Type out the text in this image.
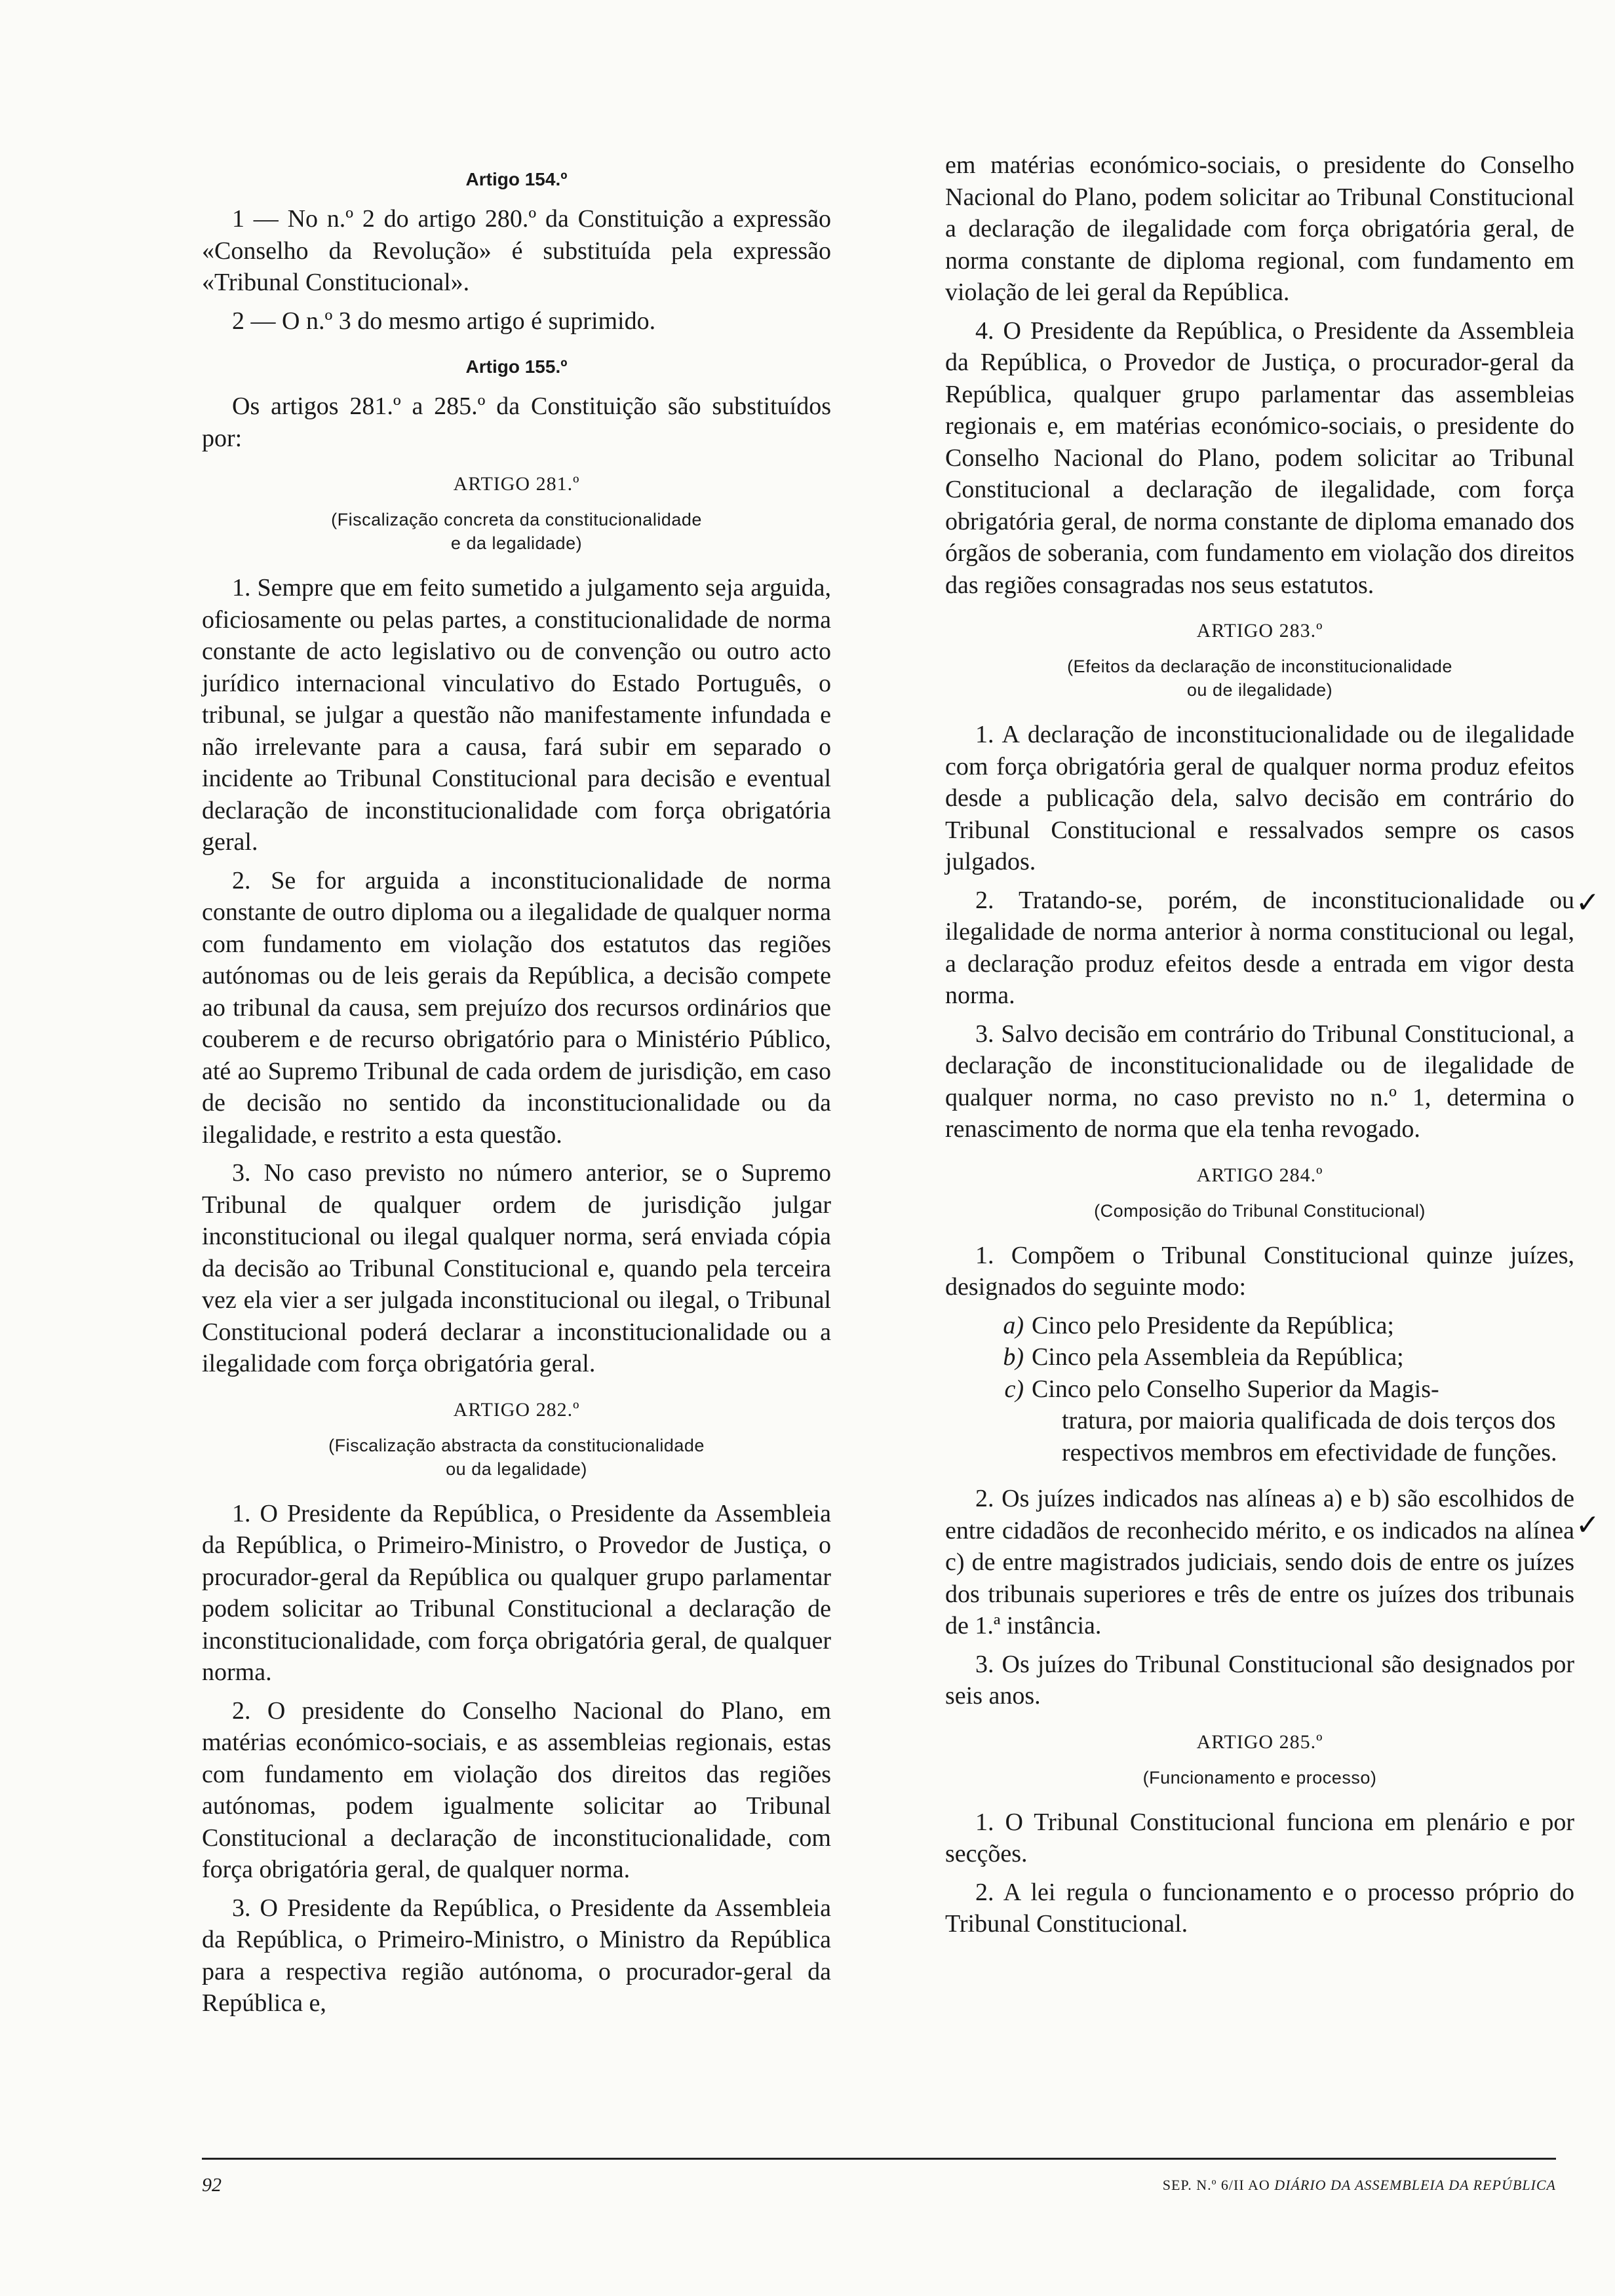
Artigo 154.º

1 — No n.º 2 do artigo 280.º da Constituição a expressão «Conselho da Revolução» é substituída pela expressão «Tribunal Constitucional».

2 — O n.º 3 do mesmo artigo é suprimido.

Artigo 155.º

Os artigos 281.º a 285.º da Constituição são substituídos por:

ARTIGO 281.º
(Fiscalização concreta da constitucionalidade
e da legalidade)

1. Sempre que em feito sumetido a julgamento seja arguida, oficiosamente ou pelas partes, a constitucionalidade de norma constante de acto legislativo ou de convenção ou outro acto jurídico internacional vinculativo do Estado Português, o tribunal, se julgar a questão não manifestamente infundada e não irrelevante para a causa, fará subir em separado o incidente ao Tribunal Constitucional para decisão e eventual declaração de inconstitucionalidade com força obrigatória geral.

2. Se for arguida a inconstitucionalidade de norma constante de outro diploma ou a ilegalidade de qualquer norma com fundamento em violação dos estatutos das regiões autónomas ou de leis gerais da República, a decisão compete ao tribunal da causa, sem prejuízo dos recursos ordinários que couberem e de recurso obrigatório para o Ministério Público, até ao Supremo Tribunal de cada ordem de jurisdição, em caso de decisão no sentido da inconstitucionalidade ou da ilegalidade, e restrito a esta questão.

3. No caso previsto no número anterior, se o Supremo Tribunal de qualquer ordem de jurisdição julgar inconstitucional ou ilegal qualquer norma, será enviada cópia da decisão ao Tribunal Constitucional e, quando pela terceira vez ela vier a ser julgada inconstitucional ou ilegal, o Tribunal Constitucional poderá declarar a inconstitucionalidade ou a ilegalidade com força obrigatória geral.

ARTIGO 282.º
(Fiscalização abstracta da constitucionalidade
ou da legalidade)

1. O Presidente da República, o Presidente da Assembleia da República, o Primeiro-Ministro, o Provedor de Justiça, o procurador-geral da República ou qualquer grupo parlamentar podem solicitar ao Tribunal Constitucional a declaração de inconstitucionalidade, com força obrigatória geral, de qualquer norma.

2. O presidente do Conselho Nacional do Plano, em matérias económico-sociais, e as assembleias regionais, estas com fundamento em violação dos direitos das regiões autónomas, podem igualmente solicitar ao Tribunal Constitucional a declaração de inconstitucionalidade, com força obrigatória geral, de qualquer norma.

3. O Presidente da República, o Presidente da Assembleia da República, o Primeiro-Ministro, o Ministro da República para a respectiva região autónoma, o procurador-geral da República e,

em matérias económico-sociais, o presidente do Conselho Nacional do Plano, podem solicitar ao Tribunal Constitucional a declaração de ilegalidade com força obrigatória geral, de norma constante de diploma regional, com fundamento em violação de lei geral da República.

4. O Presidente da República, o Presidente da Assembleia da República, o Provedor de Justiça, o procurador-geral da República, qualquer grupo parlamentar das assembleias regionais e, em matérias económico-sociais, o presidente do Conselho Nacional do Plano, podem solicitar ao Tribunal Constitucional a declaração de ilegalidade, com força obrigatória geral, de norma constante de diploma emanado dos órgãos de soberania, com fundamento em violação dos direitos das regiões consagradas nos seus estatutos.

ARTIGO 283.º
(Efeitos da declaração de inconstitucionalidade
ou de ilegalidade)

1. A declaração de inconstitucionalidade ou de ilegalidade com força obrigatória geral de qualquer norma produz efeitos desde a publicação dela, salvo decisão em contrário do Tribunal Constitucional e ressalvados sempre os casos julgados.

2. Tratando-se, porém, de inconstitucionalidade ou ilegalidade de norma anterior à norma constitucional ou legal, a declaração produz efeitos desde a entrada em vigor desta norma.

3. Salvo decisão em contrário do Tribunal Constitucional, a declaração de inconstitucionalidade ou de ilegalidade de qualquer norma, no caso previsto no n.º 1, determina o renascimento de norma que ela tenha revogado.

ARTIGO 284.º
(Composição do Tribunal Constitucional)

1. Compõem o Tribunal Constitucional quinze juízes, designados do seguinte modo:

a) Cinco pelo Presidente da República;
b) Cinco pela Assembleia da República;
c) Cinco pelo Conselho Superior da Magis-
tratura, por maioria qualificada de dois terços dos respectivos membros em efectividade de funções.

2. Os juízes indicados nas alíneas a) e b) são escolhidos de entre cidadãos de reconhecido mérito, e os indicados na alínea c) de entre magistrados judiciais, sendo dois de entre os juízes dos tribunais superiores e três de entre os juízes dos tribunais de 1.ª instância.

3. Os juízes do Tribunal Constitucional são designados por seis anos.

ARTIGO 285.º
(Funcionamento e processo)

1. O Tribunal Constitucional funciona em plenário e por secções.

2. A lei regula o funcionamento e o processo próprio do Tribunal Constitucional.

✓
✓
92	SEP. N.º 6/II AO DIÁRIO DA ASSEMBLEIA DA REPÚBLICA
